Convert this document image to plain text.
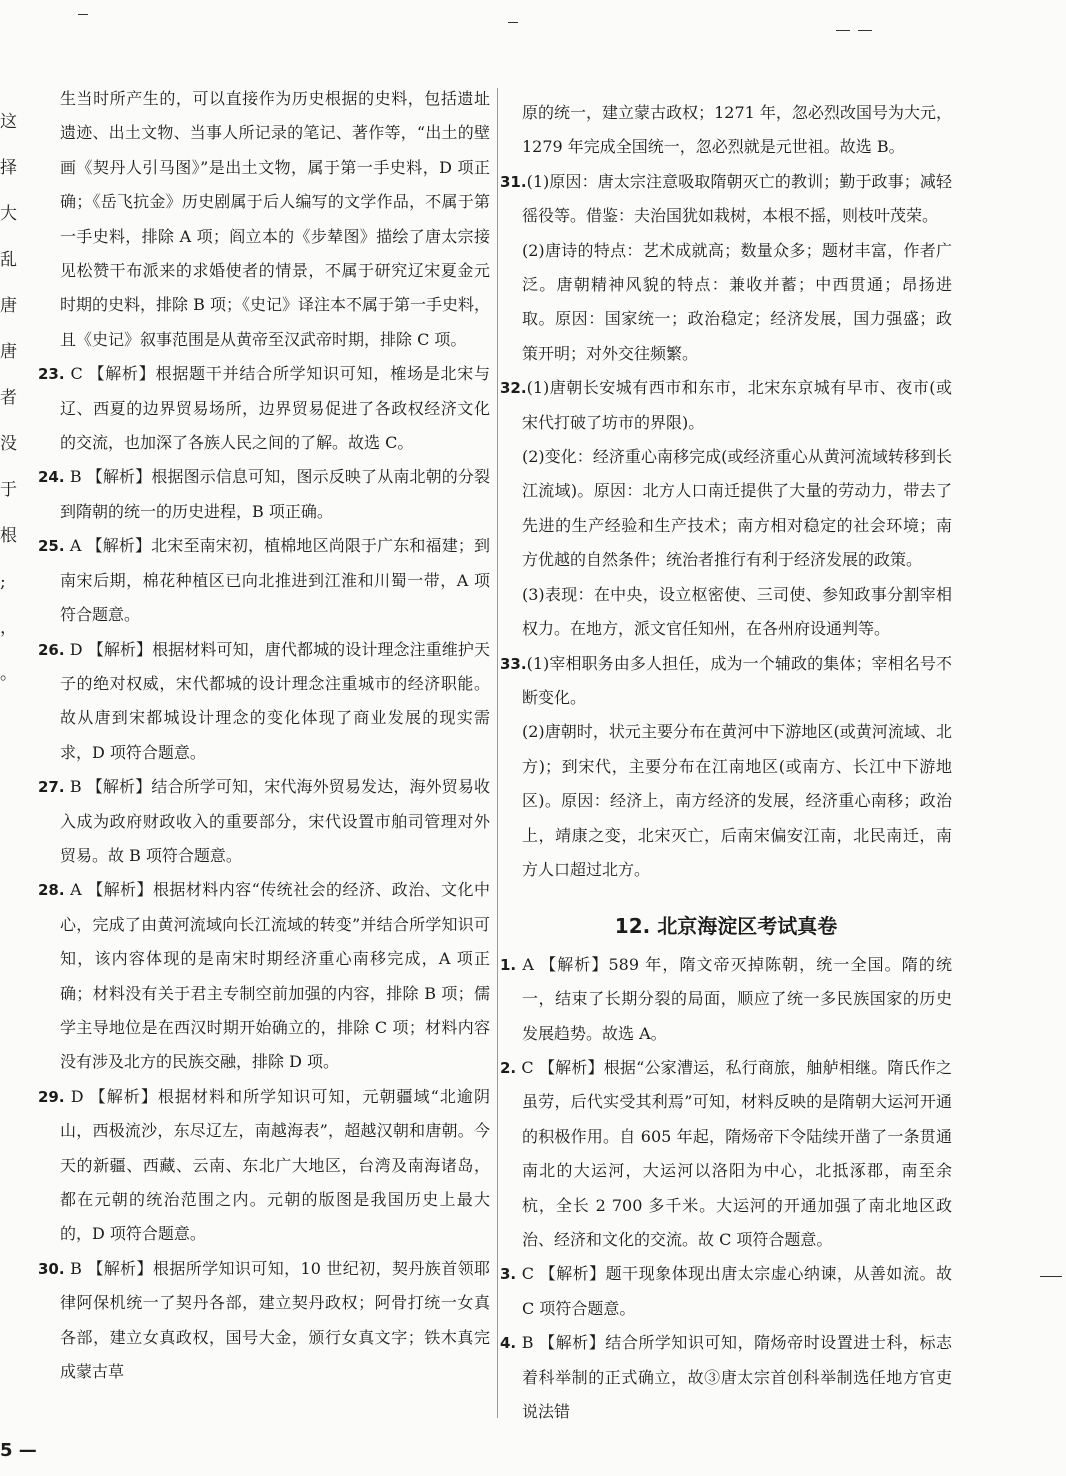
这
择
大
乱
唐
唐
者
没
于
根
;
，
。
生当时所产生的，可以直接作为历史根据的史料，包括遗址遗迹、出土文物、当事人所记录的笔记、著作等，“出土的壁画《契丹人引马图》”是出土文物，属于第一手史料，D 项正确；《岳飞抗金》历史剧属于后人编写的文学作品，不属于第一手史料，排除 A 项；阎立本的《步辇图》描绘了唐太宗接见松赞干布派来的求婚使者的情景，不属于研究辽宋夏金元时期的史料，排除 B 项；《史记》译注本不属于第一手史料，且《史记》叙事范围是从黄帝至汉武帝时期，排除 C 项。
23. C 【解析】根据题干并结合所学知识可知，榷场是北宋与辽、西夏的边界贸易场所，边界贸易促进了各政权经济文化的交流，也加深了各族人民之间的了解。故选 C。
24. B 【解析】根据图示信息可知，图示反映了从南北朝的分裂到隋朝的统一的历史进程，B 项正确。
25. A 【解析】北宋至南宋初，植棉地区尚限于广东和福建；到南宋后期，棉花种植区已向北推进到江淮和川蜀一带，A 项符合题意。
26. D 【解析】根据材料可知，唐代都城的设计理念注重维护天子的绝对权威，宋代都城的设计理念注重城市的经济职能。故从唐到宋都城设计理念的变化体现了商业发展的现实需求，D 项符合题意。
27. B 【解析】结合所学可知，宋代海外贸易发达，海外贸易收入成为政府财政收入的重要部分，宋代设置市舶司管理对外贸易。故 B 项符合题意。
28. A 【解析】根据材料内容“传统社会的经济、政治、文化中心，完成了由黄河流域向长江流域的转变”并结合所学知识可知，该内容体现的是南宋时期经济重心南移完成，A 项正确；材料没有关于君主专制空前加强的内容，排除 B 项；儒学主导地位是在西汉时期开始确立的，排除 C 项；材料内容没有涉及北方的民族交融，排除 D 项。
29. D 【解析】根据材料和所学知识可知，元朝疆域“北逾阴山，西极流沙，东尽辽左，南越海表”，超越汉朝和唐朝。今天的新疆、西藏、云南、东北广大地区，台湾及南海诸岛，都在元朝的统治范围之内。元朝的版图是我国历史上最大的，D 项符合题意。
30. B 【解析】根据所学知识可知，10 世纪初，契丹族首领耶律阿保机统一了契丹各部，建立契丹政权；阿骨打统一女真各部，建立女真政权，国号大金，颁行女真文字；铁木真完成蒙古草
原的统一，建立蒙古政权；1271 年，忽必烈改国号为大元，1279 年完成全国统一，忽必烈就是元世祖。故选 B。
31.(1)原因：唐太宗注意吸取隋朝灭亡的教训；勤于政事；减轻徭役等。借鉴：夫治国犹如栽树，本根不摇，则枝叶茂荣。
(2)唐诗的特点：艺术成就高；数量众多；题材丰富，作者广泛。唐朝精神风貌的特点：兼收并蓄；中西贯通；昂扬进取。原因：国家统一；政治稳定；经济发展，国力强盛；政策开明；对外交往频繁。
32.(1)唐朝长安城有西市和东市，北宋东京城有早市、夜市(或宋代打破了坊市的界限)。
(2)变化：经济重心南移完成(或经济重心从黄河流域转移到长江流域)。原因：北方人口南迁提供了大量的劳动力，带去了先进的生产经验和生产技术；南方相对稳定的社会环境；南方优越的自然条件；统治者推行有利于经济发展的政策。
(3)表现：在中央，设立枢密使、三司使、参知政事分割宰相权力。在地方，派文官任知州，在各州府设通判等。
33.(1)宰相职务由多人担任，成为一个辅政的集体；宰相名号不断变化。
(2)唐朝时，状元主要分布在黄河中下游地区(或黄河流域、北方)；到宋代，主要分布在江南地区(或南方、长江中下游地区)。原因：经济上，南方经济的发展，经济重心南移；政治上，靖康之变，北宋灭亡，后南宋偏安江南，北民南迁，南方人口超过北方。
12. 北京海淀区考试真卷
1. A 【解析】589 年，隋文帝灭掉陈朝，统一全国。隋的统一，结束了长期分裂的局面，顺应了统一多民族国家的历史发展趋势。故选 A。
2. C 【解析】根据“公家漕运，私行商旅，舳舻相继。隋氏作之虽劳，后代实受其利焉”可知，材料反映的是隋朝大运河开通的积极作用。自 605 年起，隋炀帝下令陆续开凿了一条贯通南北的大运河，大运河以洛阳为中心，北抵涿郡，南至余杭，全长 2 700 多千米。大运河的开通加强了南北地区政治、经济和文化的交流。故 C 项符合题意。
3. C 【解析】题干现象体现出唐太宗虚心纳谏，从善如流。故 C 项符合题意。
4. B 【解析】结合所学知识可知，隋炀帝时设置进士科，标志着科举制的正式确立，故③唐太宗首创科举制选任地方官吏说法错
5 —
